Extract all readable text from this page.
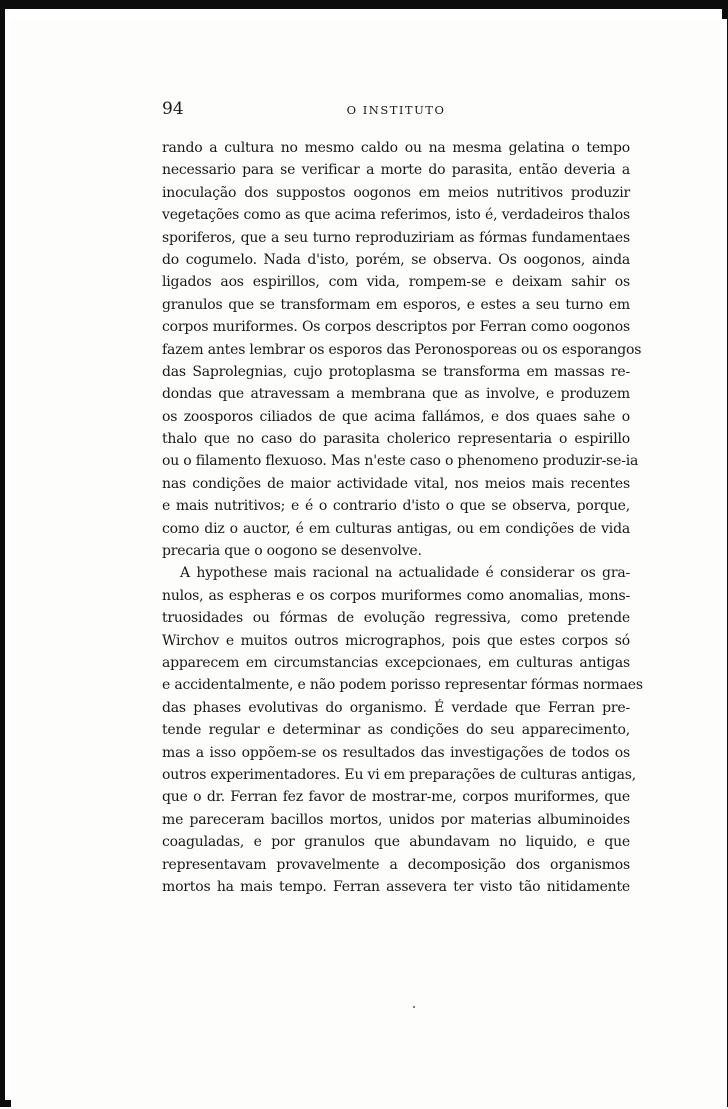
94	O INSTITUTO
rando a cultura no mesmo caldo ou na mesma gelatina o tempo
necessario para se verificar a morte do parasita, então deveria a
inoculação dos suppostos oogonos em meios nutritivos produzir
vegetações como as que acima referimos, isto é, verdadeiros thalos
sporiferos, que a seu turno reproduziriam as fórmas fundamentaes
do cogumelo. Nada d'isto, porém, se observa. Os oogonos, ainda
ligados aos espirillos, com vida, rompem-se e deixam sahir os
granulos que se transformam em esporos, e estes a seu turno em
corpos muriformes. Os corpos descriptos por Ferran como oogonos
fazem antes lembrar os esporos das Peronosporeas ou os esporangos
das Saprolegnias, cujo protoplasma se transforma em massas re-
dondas que atravessam a membrana que as involve, e produzem
os zoosporos ciliados de que acima fallámos, e dos quaes sahe o
thalo que no caso do parasita cholerico representaria o espirillo
ou o filamento flexuoso. Mas n'este caso o phenomeno produzir-se-ia
nas condições de maior actividade vital, nos meios mais recentes
e mais nutritivos; e é o contrario d'isto o que se observa, porque,
como diz o auctor, é em culturas antigas, ou em condições de vida
precaria que o oogono se desenvolve.
A hypothese mais racional na actualidade é considerar os gra-
nulos, as espheras e os corpos muriformes como anomalias, mons-
truosidades ou fórmas de evolução regressiva, como pretende
Wirchov e muitos outros micrographos, pois que estes corpos só
apparecem em circumstancias excepcionaes, em culturas antigas
e accidentalmente, e não podem porisso representar fórmas normaes
das phases evolutivas do organismo. É verdade que Ferran pre-
tende regular e determinar as condições do seu apparecimento,
mas a isso oppõem-se os resultados das investigações de todos os
outros experimentadores. Eu vi em preparações de culturas antigas,
que o dr. Ferran fez favor de mostrar-me, corpos muriformes, que
me pareceram bacillos mortos, unidos por materias albuminoides
coaguladas, e por granulos que abundavam no liquido, e que
representavam provavelmente a decomposição dos organismos
mortos ha mais tempo. Ferran assevera ter visto tão nitidamente
